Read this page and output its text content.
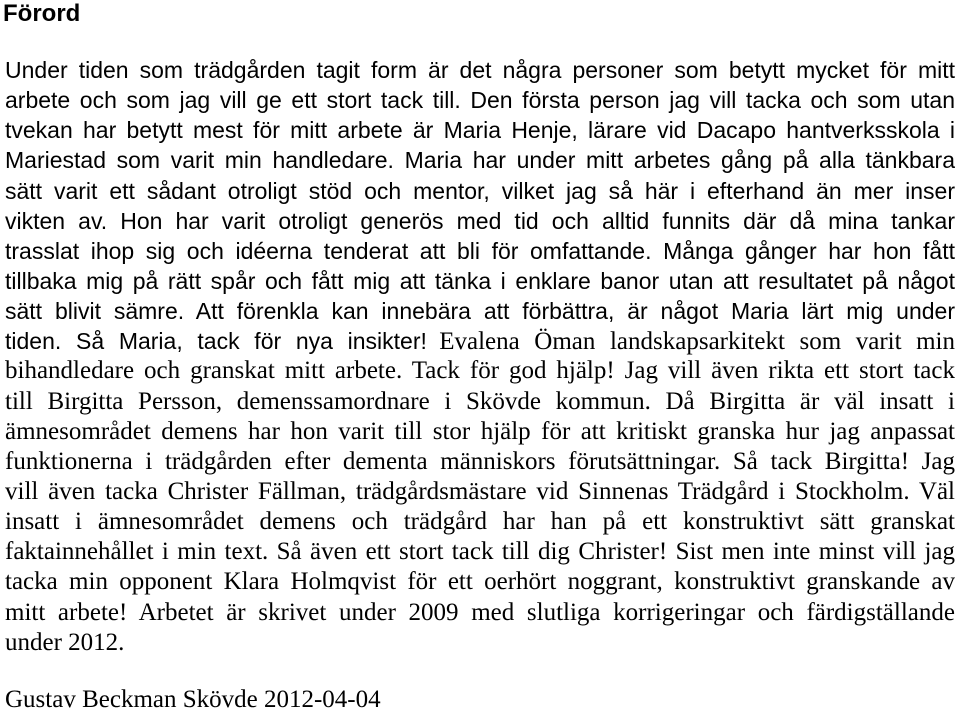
Förord
Under tiden som trädgården tagit form är det några personer som betytt mycket för mitt
arbete och som jag vill ge ett stort tack till. Den första person jag vill tacka och som utan
tvekan har betytt mest för mitt arbete är Maria Henje, lärare vid Dacapo hantverksskola i
Mariestad som varit min handledare. Maria har under mitt arbetes gång på alla tänkbara
sätt varit ett sådant otroligt stöd och mentor, vilket jag så här i efterhand än mer inser
vikten av. Hon har varit otroligt generös med tid och alltid funnits där då mina tankar
trasslat ihop sig och idéerna tenderat att bli för omfattande. Många gånger har hon fått
tillbaka mig på rätt spår och fått mig att tänka i enklare banor utan att resultatet på något
sätt blivit sämre. Att förenkla kan innebära att förbättra, är något Maria lärt mig under
tiden. Så Maria, tack för nya insikter! Evalena Öman landskapsarkitekt som varit min
bihandledare och granskat mitt arbete. Tack för god hjälp! Jag vill även rikta ett stort tack
till Birgitta Persson, demenssamordnare i Skövde kommun. Då Birgitta är väl insatt i
ämnesområdet demens har hon varit till stor hjälp för att kritiskt granska hur jag anpassat
funktionerna i trädgården efter dementa människors förutsättningar. Så tack Birgitta! Jag
vill även tacka Christer Fällman, trädgårdsmästare vid Sinnenas Trädgård i Stockholm. Väl
insatt i ämnesområdet demens och trädgård har han på ett konstruktivt sätt granskat
faktainnehållet i min text. Så även ett stort tack till dig Christer! Sist men inte minst vill jag
tacka min opponent Klara Holmqvist för ett oerhört noggrant, konstruktivt granskande av
mitt arbete! Arbetet är skrivet under 2009 med slutliga korrigeringar och färdigställande
under 2012.

Gustav Beckman Skövde 2012-04-04
